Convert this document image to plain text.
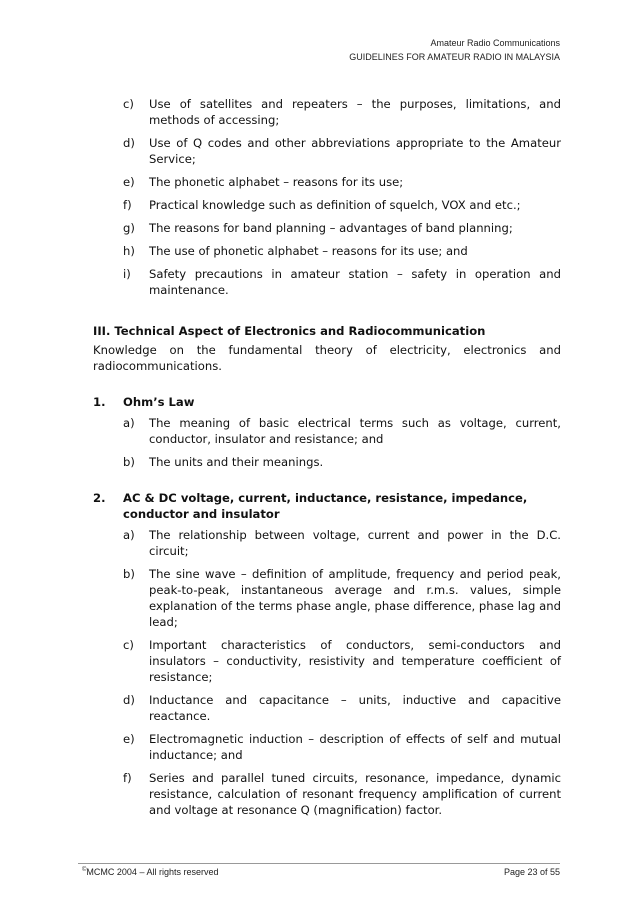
Amateur Radio Communications
GUIDELINES FOR AMATEUR RADIO IN MALAYSIA
c)	Use of satellites and repeaters – the purposes, limitations, and methods of accessing;
d)	Use of Q codes and other abbreviations appropriate to the Amateur Service;
e)	The phonetic alphabet – reasons for its use;
f)	Practical knowledge such as definition of squelch, VOX and etc.;
g)	The reasons for band planning – advantages of band planning;
h)	The use of phonetic alphabet – reasons for its use; and
i)	Safety precautions in amateur station – safety in operation and maintenance.
III. Technical Aspect of Electronics and Radiocommunication

Knowledge on the fundamental theory of electricity, electronics and radiocommunications.

1.	Ohm’s Law
a)	The meaning of basic electrical terms such as voltage, current, conductor, insulator and resistance; and
b)	The units and their meanings.
2.	AC & DC voltage, current, inductance, resistance, impedance, conductor and insulator
a)	The relationship between voltage, current and power in the D.C. circuit;
b)	The sine wave – definition of amplitude, frequency and period peak, peak-to-peak, instantaneous average and r.m.s. values, simple explanation of the terms phase angle, phase difference, phase lag and lead;
c)	Important characteristics of conductors, semi-conductors and insulators – conductivity, resistivity and temperature coefficient of resistance;
d)	Inductance and capacitance – units, inductive and capacitive reactance.
e)	Electromagnetic induction – description of effects of self and mutual inductance; and
f)	Series and parallel tuned circuits, resonance, impedance, dynamic resistance, calculation of resonant frequency amplification of current and voltage at resonance Q (magnification) factor.
©MCMC 2004 – All rights reserved	Page 23 of 55
